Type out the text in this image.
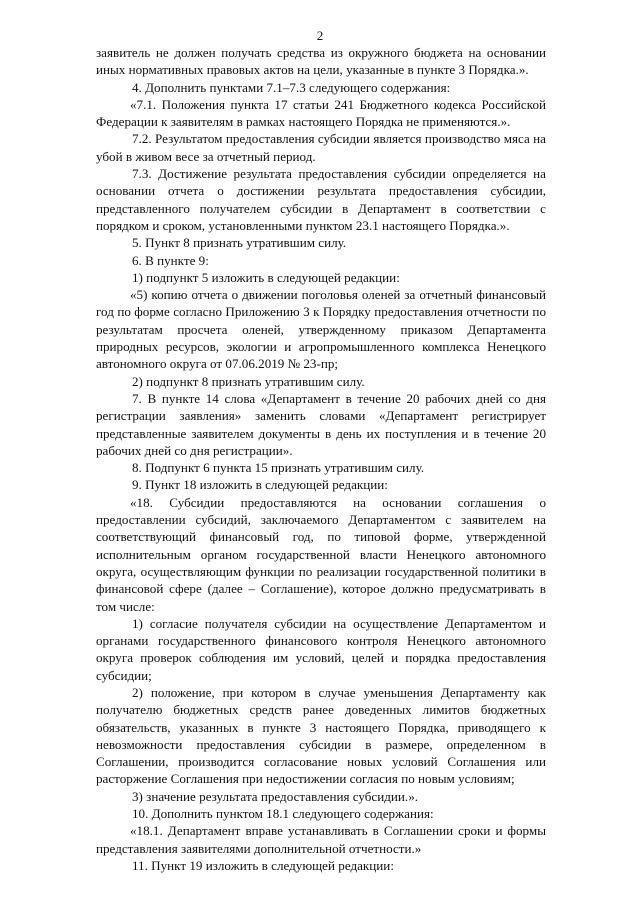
2

заявитель не должен получать средства из окружного бюджета на основании иных нормативных правовых актов на цели, указанные в пункте 3 Порядка.».

4. Дополнить пунктами 7.1–7.3 следующего содержания:

«7.1. Положения пункта 17 статьи 241 Бюджетного кодекса Российской Федерации к заявителям в рамках настоящего Порядка не применяются.».

7.2. Результатом предоставления субсидии является производство мяса на убой в живом весе за отчетный период.

7.3. Достижение результата предоставления субсидии определяется на основании отчета о достижении результата предоставления субсидии, представленного получателем субсидии в Департамент в соответствии с порядком и сроком, установленными пунктом 23.1 настоящего Порядка.».

5. Пункт 8 признать утратившим силу.

6. В пункте 9:

1) подпункт 5 изложить в следующей редакции:

«5) копию отчета о движении поголовья оленей за отчетный финансовый год по форме согласно Приложению 3 к Порядку предоставления отчетности по результатам просчета оленей, утвержденному приказом Департамента природных ресурсов, экологии и агропромышленного комплекса Ненецкого автономного округа от 07.06.2019 № 23-пр;

2) подпункт 8 признать утратившим силу.

7. В пункте 14 слова «Департамент в течение 20 рабочих дней со дня регистрации заявления» заменить словами «Департамент регистрирует представленные заявителем документы в день их поступления и в течение 20 рабочих дней со дня регистрации».

8. Подпункт 6 пункта 15 признать утратившим силу.

9. Пункт 18 изложить в следующей редакции:

«18. Субсидии предоставляются на основании соглашения о предоставлении субсидий, заключаемого Департаментом с заявителем на соответствующий финансовый год, по типовой форме, утвержденной исполнительным органом государственной власти Ненецкого автономного округа, осуществляющим функции по реализации государственной политики в финансовой сфере (далее – Соглашение), которое должно предусматривать в том числе:

1) согласие получателя субсидии на осуществление Департаментом и органами государственного финансового контроля Ненецкого автономного округа проверок соблюдения им условий, целей и порядка предоставления субсидии;

2) положение, при котором в случае уменьшения Департаменту как получателю бюджетных средств ранее доведенных лимитов бюджетных обязательств, указанных в пункте 3 настоящего Порядка, приводящего к невозможности предоставления субсидии в размере, определенном в Соглашении, производится согласование новых условий Соглашения или расторжение Соглашения при недостижении согласия по новым условиям;

3) значение результата предоставления субсидии.».

10. Дополнить пунктом 18.1 следующего содержания:

«18.1. Департамент вправе устанавливать в Соглашении сроки и формы представления заявителями дополнительной отчетности.»

11. Пункт 19 изложить в следующей редакции:
